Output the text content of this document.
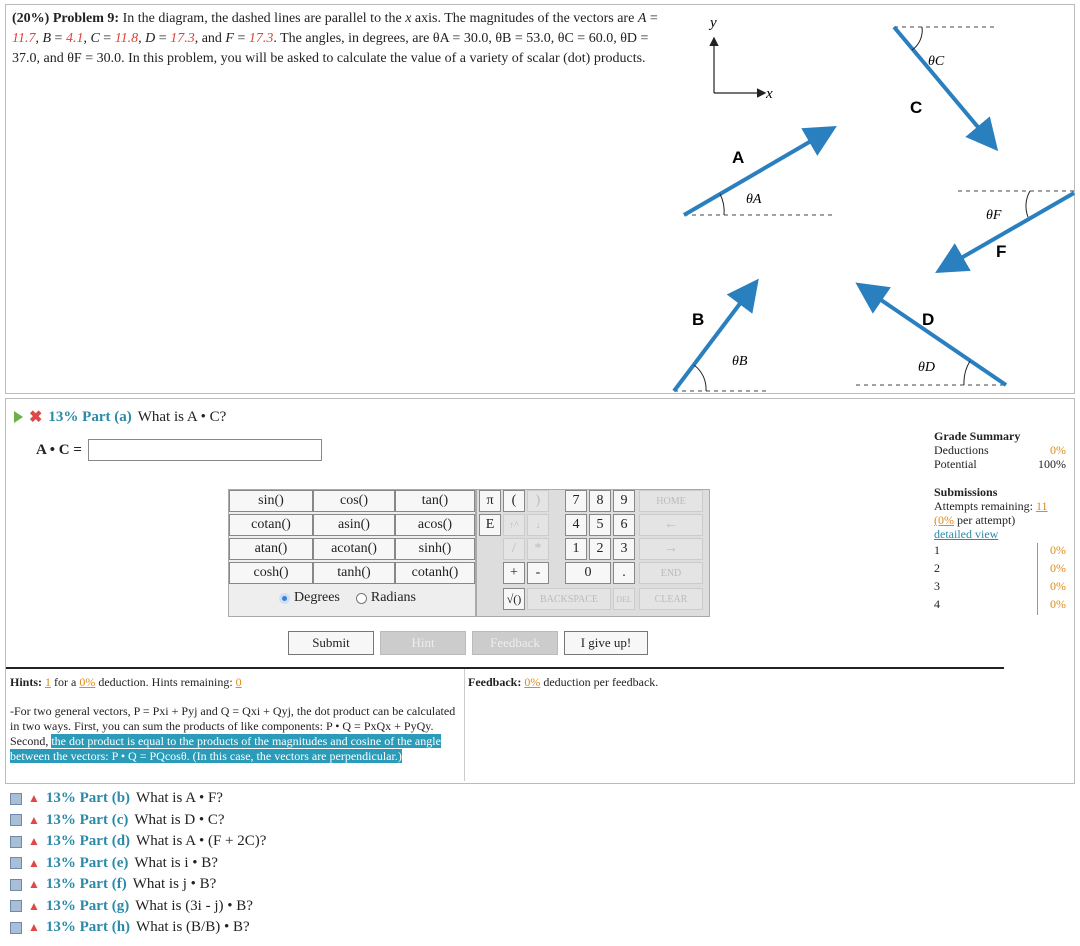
(20%) Problem 9: In the diagram, the dashed lines are parallel to the x axis. The magnitudes of the vectors are A = 11.7, B = 4.1, C = 11.8, D = 17.3, and F = 17.3. The angles, in degrees, are θA = 30.0, θB = 53.0, θC = 60.0, θD = 37.0, and θF = 30.0. In this problem, you will be asked to calculate the value of a variety of scalar (dot) products.
y
x
θC
C
θA
A
θF
F
θB
B
θD
D
✖ 13% Part (a) What is A • C?
A • C =
sin()	cos()	tan()
cotan()	asin()	acos()
atan()	acotan()	sinh()
cosh()	tanh()	cotanh()
Degrees Radians
π	(	)	7	8	9	HOME
E	↑^	↓	4	5	6	←
/	*	1	2	3	→
+	-	0	.	END
√()	BACKSPACE	DEL	CLEAR
Submit	Hint	Feedback	I give up!
Hints: 1 for a 0% deduction. Hints remaining: 0
-For two general vectors, P = Pxi + Pyj and Q = Qxi + Qyj, the dot product can be calculated in two ways. First, you can sum the products of like components: P • Q = PxQx + PyQy. Second, the dot product is equal to the products of the magnitudes and cosine of the angle between the vectors: P • Q = PQcosθ. (In this case, the vectors are perpendicular.)
Feedback: 0% deduction per feedback.
Grade Summary
Deductions	0%
Potential	100%
Submissions
Attempts remaining: 11
(0% per attempt)
detailed view
1	0%
2	0%
3	0%
4	0%
▲ 13% Part (b) What is A • F?
▲ 13% Part (c) What is D • C?
▲ 13% Part (d) What is A • (F + 2C)?
▲ 13% Part (e) What is i • B?
▲ 13% Part (f) What is j • B?
▲ 13% Part (g) What is (3i - j) • B?
▲ 13% Part (h) What is (B/B) • B?
